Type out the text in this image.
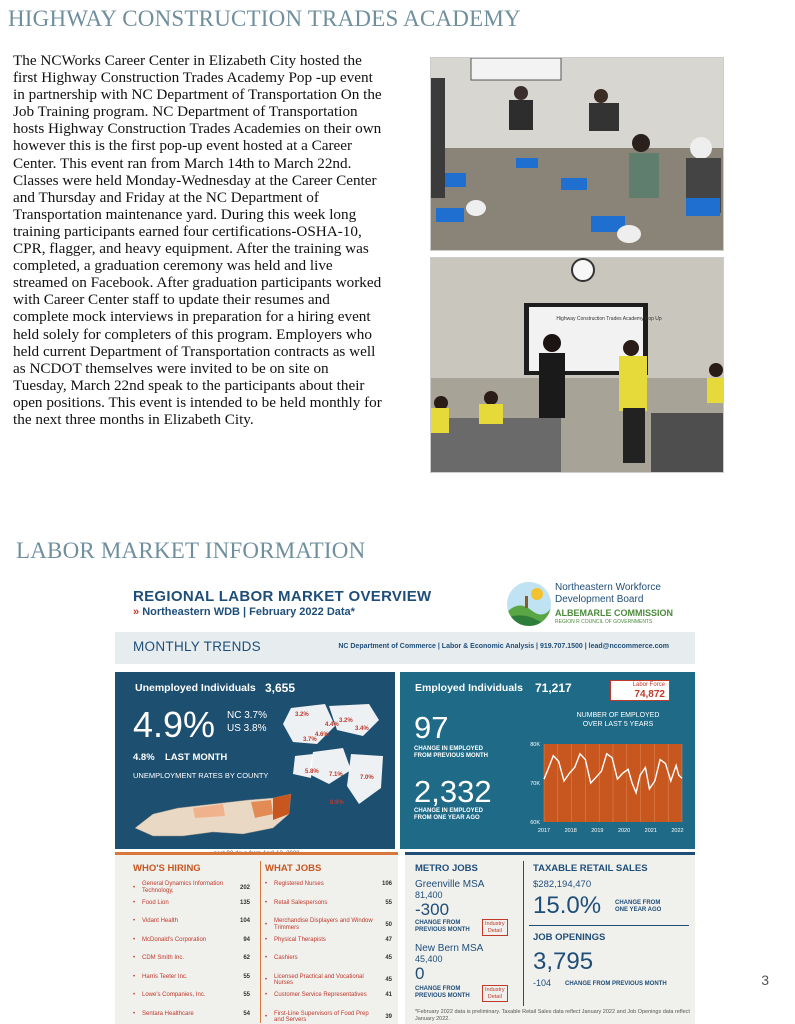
HIGHWAY CONSTRUCTION TRADES ACADEMY
The NCWorks Career Center in Elizabeth City hosted the first Highway Construction Trades Academy Pop -up event in partnership with NC Department of Transportation On the Job Training program. NC Department of Transportation hosts Highway Construction Trades Academies on their own however this is the first pop-up event hosted at a Career Center. This event ran from March 14th to March 22nd. Classes were held Monday-Wednesday at the Career Center and Thursday and Friday at the NC Department of Transportation maintenance yard. During this week long training participants earned four certifications-OSHA-10, CPR, flagger, and heavy equipment. After the training was completed, a graduation ceremony was held and live streamed on Facebook. After graduation participants worked with Career Center staff to update their resumes and complete mock interviews in preparation for a hiring event held solely for completers of this program. Employers who held current Department of Transportation contracts as well as NCDOT themselves were invited to be on site on Tuesday, March 22nd speak to the participants about their open positions. This event is intended to be held monthly for the next three months in Elizabeth City.
Highway Construction Trades Academy Pop Up
LABOR MARKET INFORMATION
REGIONAL LABOR MARKET OVERVIEW
» Northeastern WDB | February 2022 Data*
Northeastern Workforce
Development Board
ALBEMARLE COMMISSION
REGION R COUNCIL OF GOVERNMENTS
MONTHLY TRENDS	NC Department of Commerce | Labor & Economic Analysis | 919.707.1500 | lead@nccommerce.com
Unemployed Individuals 3,655
4.9% NC 3.7%
US 3.8%
4.8% LAST MONTH
UNEMPLOYMENT RATES BY COUNTY
3.2%
4.4%
3.2%
4.6%
3.4%
3.7%
5.8% 7.1%	7.0%
8.9%
Employed Individuals 71,217	Labor Force
74,872
97
CHANGE IN EMPLOYED
FROM PREVIOUS MONTH
2,332
CHANGE IN EMPLOYED
FROM ONE YEAR AGO
NUMBER OF EMPLOYED
OVER LAST 5 YEARS
80K
70K
60K
2017	2018	2019	2020	2021	2022
WHO'S HIRING	WHAT JOBS
•
General Dynamics Information Technology,	202
•	Food Lion	135
•	Vidant Health	104
•	McDonald's Corporation	94
•	CDM Smith Inc.	62
•	Harris Teeter Inc.	55
•	Lowe's Companies, Inc.	55
•	Sentara Healthcare	54
•	Registered Nurses	106
•	Retail Salespersons	55
•
Merchandise Displayers and Window Trimmers	50
•	Physical Therapists	47
•	Cashiers	45
•
Licensed Practical and Vocational Nurses	45
•	Customer Service Representatives	41
•
First-Line Supervisors of Food Prep and Servers	39
METRO JOBS
Greenville MSA
81,400
-300
CHANGE FROM
PREVIOUS MONTH
Industry
Detail
New Bern MSA
45,400
0
CHANGE FROM
PREVIOUS MONTH
Industry
Detail
TAXABLE RETAIL SALES
$282,194,470
15.0% CHANGE FROM
ONE YEAR AGO
JOB OPENINGS
3,795
-104 CHANGE FROM PREVIOUS MONTH
*February 2022 data is preliminary. Taxable Retail Sales data reflect January 2022 and Job Openings data reflect January 2022.
3
